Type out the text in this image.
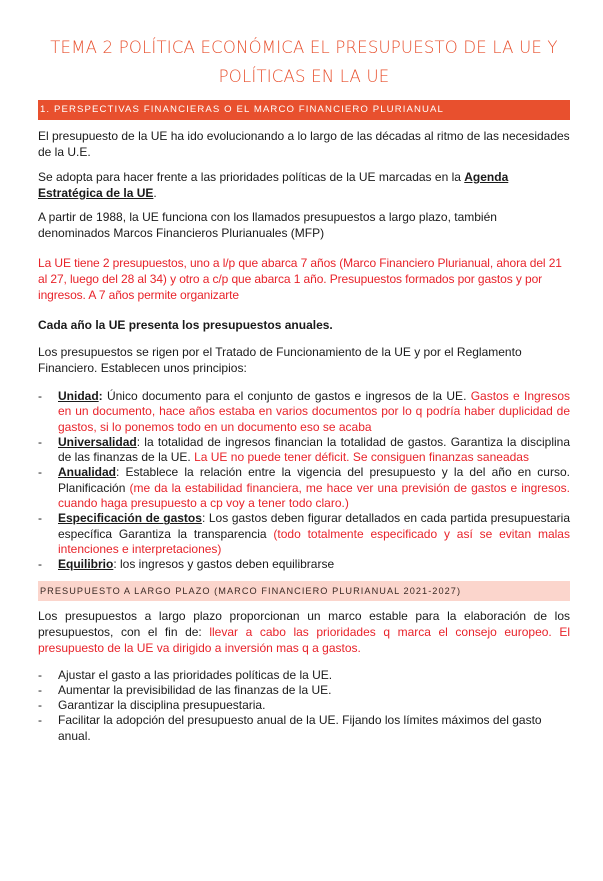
TEMA 2 POLÍTICA ECONÓMICA EL PRESUPUESTO DE LA UE Y POLÍTICAS EN LA UE
1. PERSPECTIVAS FINANCIERAS O EL MARCO FINANCIERO PLURIANUAL

El presupuesto de la UE ha ido evolucionando a lo largo de las décadas al ritmo de las necesidades de la U.E.

Se adopta para hacer frente a las prioridades políticas de la UE marcadas en la Agenda Estratégica de la UE.

A partir de 1988, la UE funciona con los llamados presupuestos a largo plazo, también denominados Marcos Financieros Plurianuales (MFP)

La UE tiene 2 presupuestos, uno a l/p que abarca 7 años (Marco Financiero Plurianual, ahora del 21 al 27, luego del 28 al 34) y otro a c/p que abarca 1 año. Presupuestos formados por gastos y por ingresos. A 7 años permite organizarte

Cada año la UE presenta los presupuestos anuales.

Los presupuestos se rigen por el Tratado de Funcionamiento de la UE y por el Reglamento Financiero. Establecen unos principios:

- Unidad: Único documento para el conjunto de gastos e ingresos de la UE. Gastos e Ingresos en un documento, hace años estaba en varios documentos por lo q podría haber duplicidad de gastos, si lo ponemos todo en un documento eso se acaba
- Universalidad: la totalidad de ingresos financian la totalidad de gastos. Garantiza la disciplina de las finanzas de la UE. La UE no puede tener déficit. Se consiguen finanzas saneadas
- Anualidad: Establece la relación entre la vigencia del presupuesto y la del año en curso. Planificación (me da la estabilidad financiera, me hace ver una previsión de gastos e ingresos. cuando haga presupuesto a cp voy a tener todo claro.)
- Especificación de gastos: Los gastos deben figurar detallados en cada partida presupuestaria específica Garantiza la transparencia (todo totalmente especificado y así se evitan malas intenciones e interpretaciones)
- Equilibrio: los ingresos y gastos deben equilibrarse
PRESUPUESTO A LARGO PLAZO (MARCO FINANCIERO PLURIANUAL 2021-2027)

Los presupuestos a largo plazo proporcionan un marco estable para la elaboración de los presupuestos, con el fin de: llevar a cabo las prioridades q marca el consejo europeo. El presupuesto de la UE va dirigido a inversión mas q a gastos.

- Ajustar el gasto a las prioridades políticas de la UE.
- Aumentar la previsibilidad de las finanzas de la UE.
- Garantizar la disciplina presupuestaria.
- Facilitar la adopción del presupuesto anual de la UE. Fijando los límites máximos del gasto anual.
